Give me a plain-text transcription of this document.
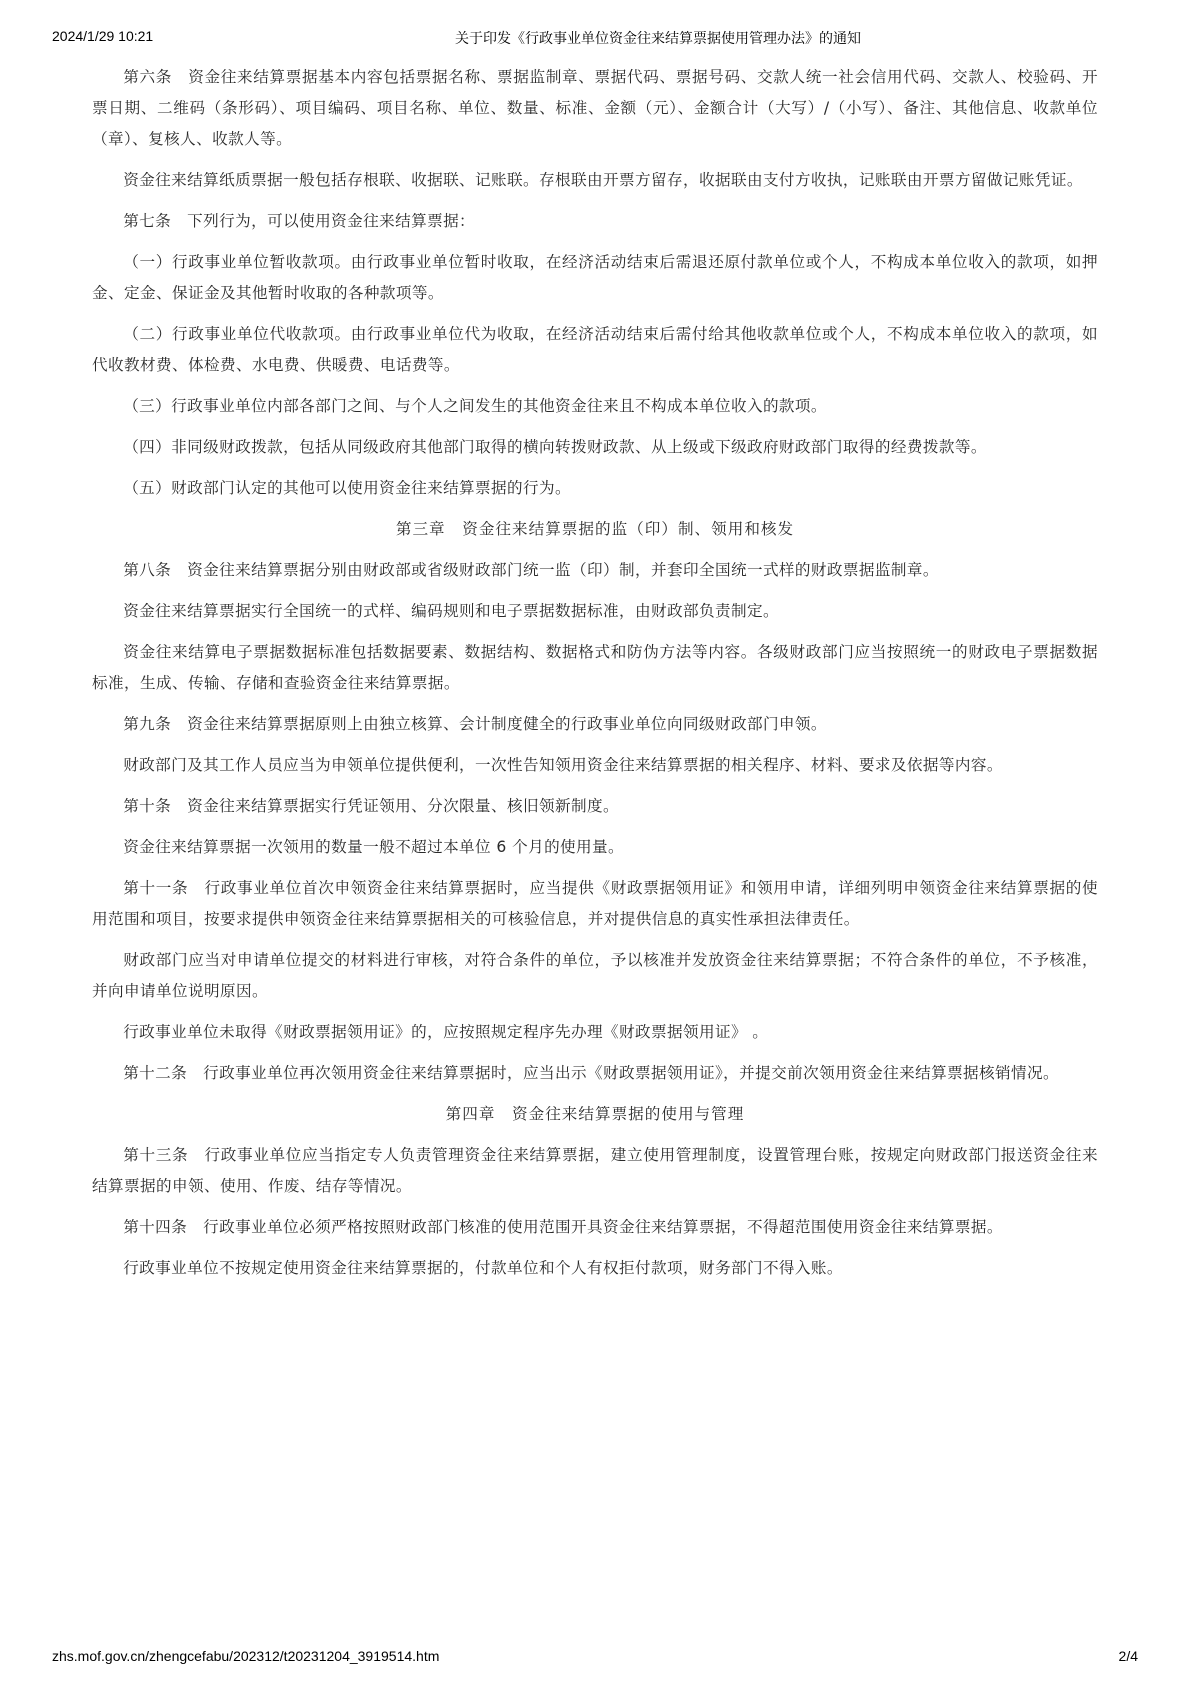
2024/1/29 10:21	关于印发《行政事业单位资金往来结算票据使用管理办法》的通知

第六条　资金往来结算票据基本内容包括票据名称、票据监制章、票据代码、票据号码、交款人统一社会信用代码、交款人、校验码、开票日期、二维码（条形码）、项目编码、项目名称、单位、数量、标准、金额（元）、金额合计（大写）/（小写）、备注、其他信息、收款单位（章）、复核人、收款人等。

资金往来结算纸质票据一般包括存根联、收据联、记账联。存根联由开票方留存，收据联由支付方收执，记账联由开票方留做记账凭证。

第七条　下列行为，可以使用资金往来结算票据：

（一）行政事业单位暂收款项。由行政事业单位暂时收取，在经济活动结束后需退还原付款单位或个人，不构成本单位收入的款项，如押金、定金、保证金及其他暂时收取的各种款项等。

（二）行政事业单位代收款项。由行政事业单位代为收取，在经济活动结束后需付给其他收款单位或个人，不构成本单位收入的款项，如代收教材费、体检费、水电费、供暖费、电话费等。

（三）行政事业单位内部各部门之间、与个人之间发生的其他资金往来且不构成本单位收入的款项。

（四）非同级财政拨款，包括从同级政府其他部门取得的横向转拨财政款、从上级或下级政府财政部门取得的经费拨款等。

（五）财政部门认定的其他可以使用资金往来结算票据的行为。

第三章　资金往来结算票据的监（印）制、领用和核发

第八条　资金往来结算票据分别由财政部或省级财政部门统一监（印）制，并套印全国统一式样的财政票据监制章。

资金往来结算票据实行全国统一的式样、编码规则和电子票据数据标准，由财政部负责制定。

资金往来结算电子票据数据标准包括数据要素、数据结构、数据格式和防伪方法等内容。各级财政部门应当按照统一的财政电子票据数据标准，生成、传输、存储和查验资金往来结算票据。

第九条　资金往来结算票据原则上由独立核算、会计制度健全的行政事业单位向同级财政部门申领。

财政部门及其工作人员应当为申领单位提供便利，一次性告知领用资金往来结算票据的相关程序、材料、要求及依据等内容。

第十条　资金往来结算票据实行凭证领用、分次限量、核旧领新制度。

资金往来结算票据一次领用的数量一般不超过本单位 6 个月的使用量。

第十一条　行政事业单位首次申领资金往来结算票据时，应当提供《财政票据领用证》和领用申请，详细列明申领资金往来结算票据的使用范围和项目，按要求提供申领资金往来结算票据相关的可核验信息，并对提供信息的真实性承担法律责任。

财政部门应当对申请单位提交的材料进行审核，对符合条件的单位，予以核准并发放资金往来结算票据；不符合条件的单位，不予核准，并向申请单位说明原因。

行政事业单位未取得《财政票据领用证》的，应按照规定程序先办理《财政票据领用证》 。

第十二条　行政事业单位再次领用资金往来结算票据时，应当出示《财政票据领用证》，并提交前次领用资金往来结算票据核销情况。

第四章　资金往来结算票据的使用与管理

第十三条　行政事业单位应当指定专人负责管理资金往来结算票据，建立使用管理制度，设置管理台账，按规定向财政部门报送资金往来结算票据的申领、使用、作废、结存等情况。

第十四条　行政事业单位必须严格按照财政部门核准的使用范围开具资金往来结算票据，不得超范围使用资金往来结算票据。

行政事业单位不按规定使用资金往来结算票据的，付款单位和个人有权拒付款项，财务部门不得入账。

zhs.mof.gov.cn/zhengcefabu/202312/t20231204_3919514.htm	2/4
